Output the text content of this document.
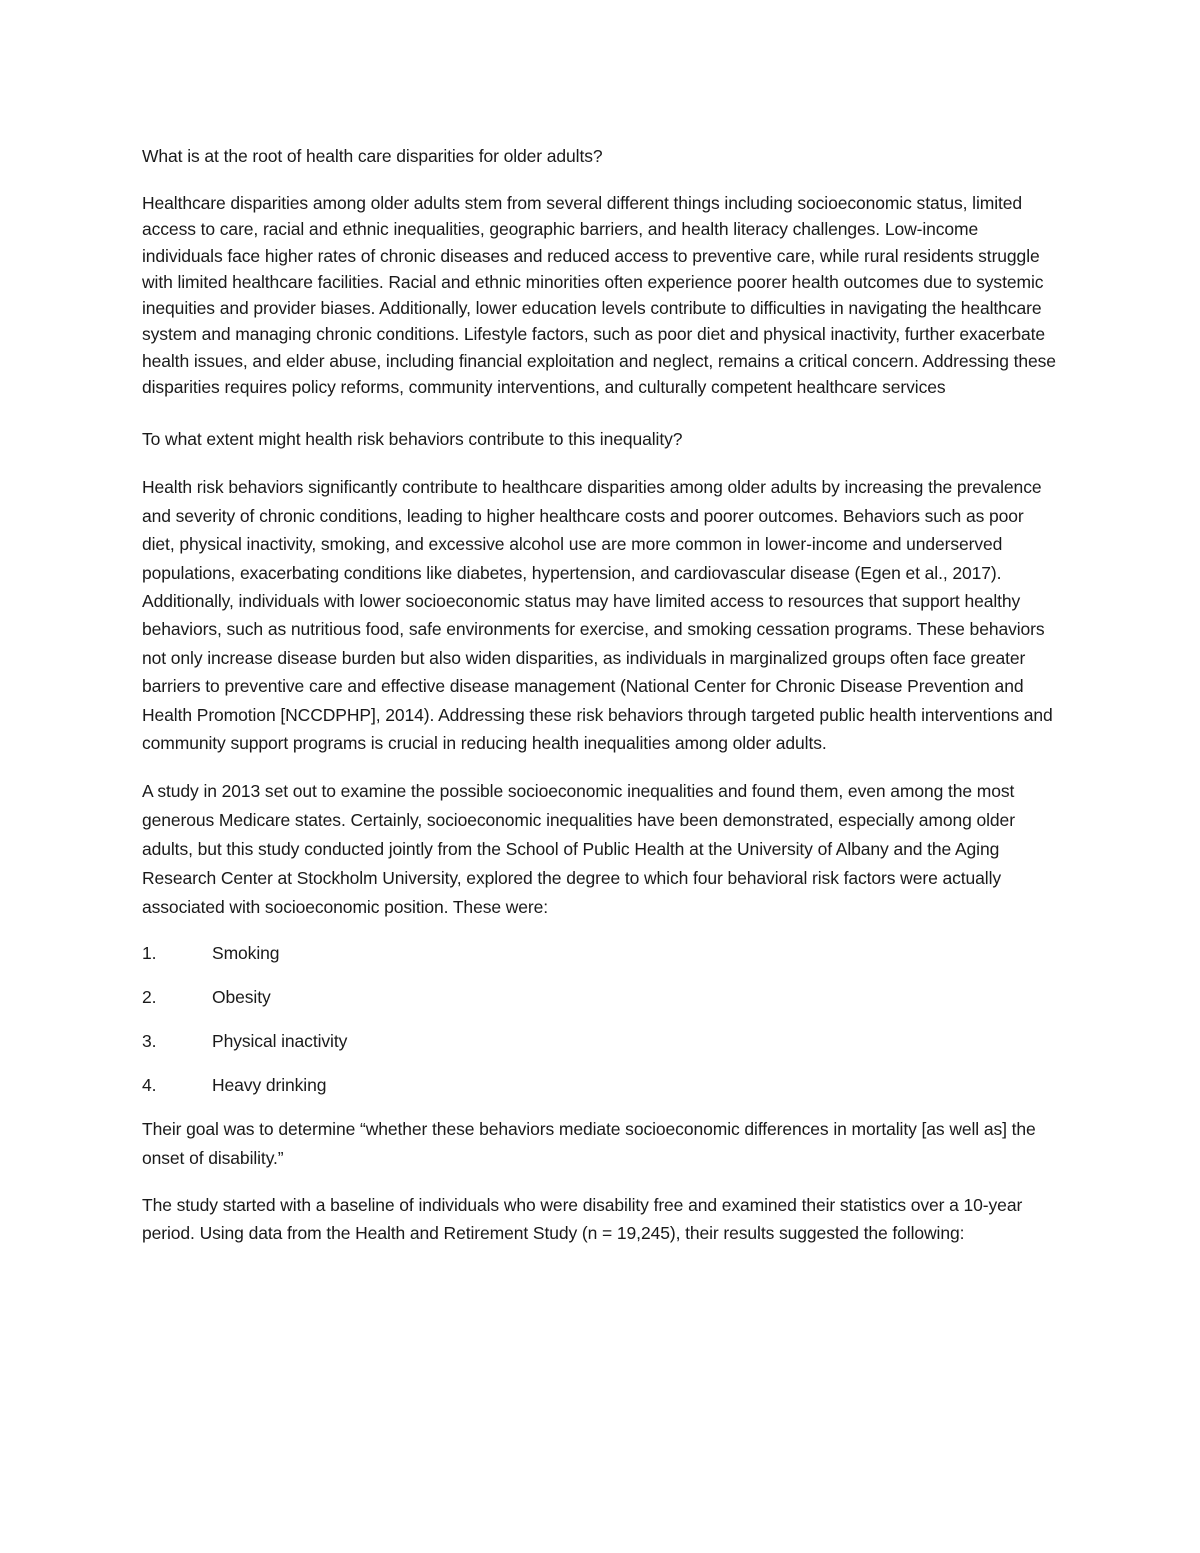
What is at the root of health care disparities for older adults?

Healthcare disparities among older adults stem from several different things including socioeconomic status, limited access to care, racial and ethnic inequalities, geographic barriers, and health literacy challenges. Low-income individuals face higher rates of chronic diseases and reduced access to preventive care, while rural residents struggle with limited healthcare facilities. Racial and ethnic minorities often experience poorer health outcomes due to systemic inequities and provider biases. Additionally, lower education levels contribute to difficulties in navigating the healthcare system and managing chronic conditions. Lifestyle factors, such as poor diet and physical inactivity, further exacerbate health issues, and elder abuse, including financial exploitation and neglect, remains a critical concern. Addressing these disparities requires policy reforms, community interventions, and culturally competent healthcare services

To what extent might health risk behaviors contribute to this inequality?

Health risk behaviors significantly contribute to healthcare disparities among older adults by increasing the prevalence and severity of chronic conditions, leading to higher healthcare costs and poorer outcomes. Behaviors such as poor diet, physical inactivity, smoking, and excessive alcohol use are more common in lower-income and underserved populations, exacerbating conditions like diabetes, hypertension, and cardiovascular disease (Egen et al., 2017). Additionally, individuals with lower socioeconomic status may have limited access to resources that support healthy behaviors, such as nutritious food, safe environments for exercise, and smoking cessation programs. These behaviors not only increase disease burden but also widen disparities, as individuals in marginalized groups often face greater barriers to preventive care and effective disease management (National Center for Chronic Disease Prevention and Health Promotion [NCCDPHP], 2014). Addressing these risk behaviors through targeted public health interventions and community support programs is crucial in reducing health inequalities among older adults.

A study in 2013 set out to examine the possible socioeconomic inequalities and found them, even among the most generous Medicare states. Certainly, socioeconomic inequalities have been demonstrated, especially among older adults, but this study conducted jointly from the School of Public Health at the University of Albany and the Aging Research Center at Stockholm University, explored the degree to which four behavioral risk factors were actually associated with socioeconomic position. These were:

1.	Smoking
2.	Obesity
3.	Physical inactivity
4.	Heavy drinking

Their goal was to determine “whether these behaviors mediate socioeconomic differences in mortality [as well as] the onset of disability.”

The study started with a baseline of individuals who were disability free and examined their statistics over a 10-year period. Using data from the Health and Retirement Study (n = 19,245), their results suggested the following:
